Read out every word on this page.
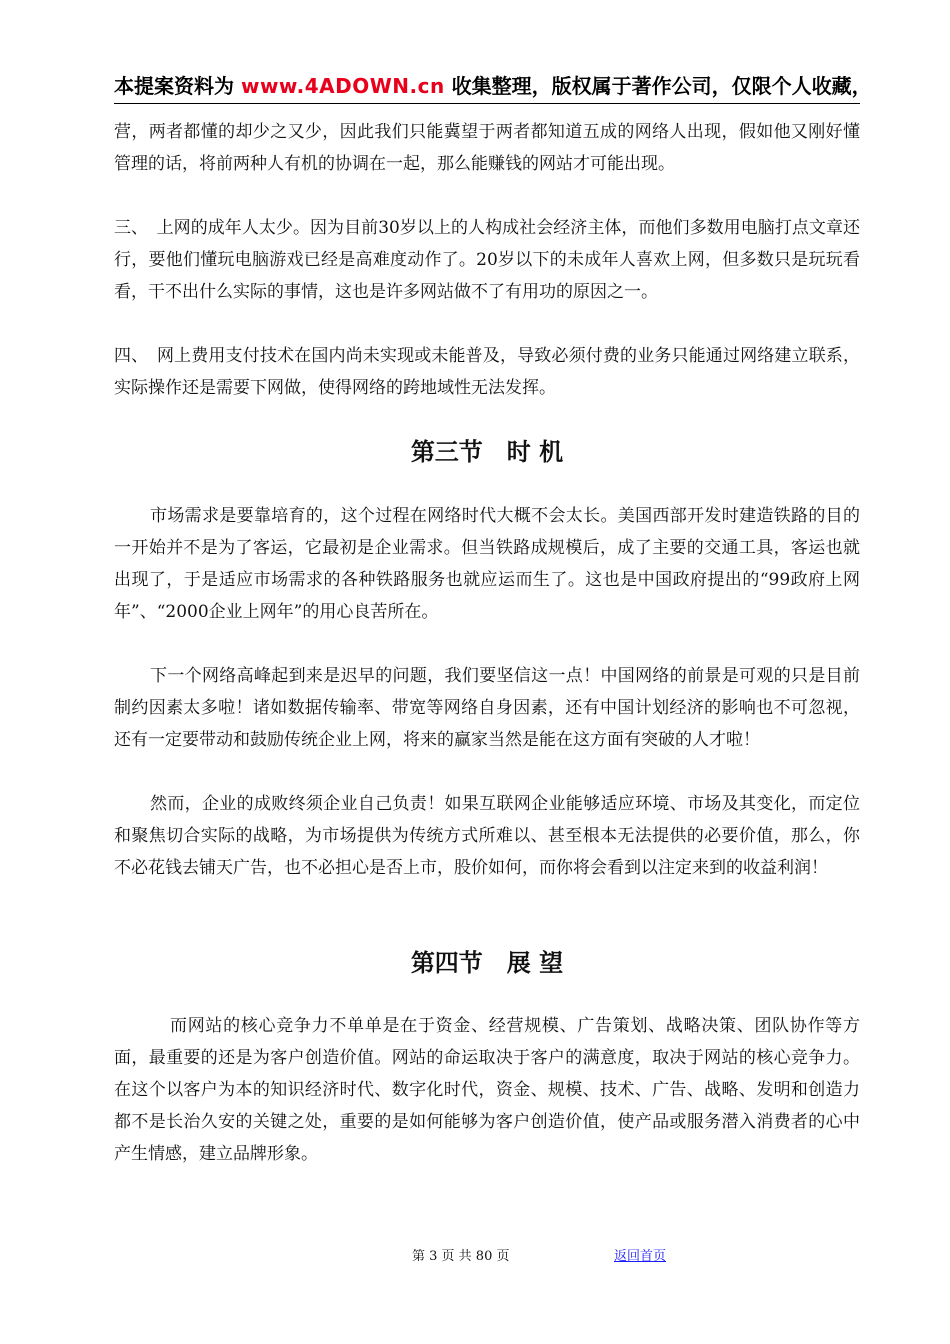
本提案资料为 www.4ADOWN.cn 收集整理，版权属于著作公司，仅限个人收藏，
营，两者都懂的却少之又少，因此我们只能冀望于两者都知道五成的网络人出现，假如他又刚好懂管理的话，将前两种人有机的协调在一起，那么能赚钱的网站才可能出现。
三、　上网的成年人太少。因为目前30岁以上的人构成社会经济主体，而他们多数用电脑打点文章还行，要他们懂玩电脑游戏已经是高难度动作了。20岁以下的未成年人喜欢上网，但多数只是玩玩看看，干不出什么实际的事情，这也是许多网站做不了有用功的原因之一。
四、　网上费用支付技术在国内尚未实现或未能普及，导致必须付费的业务只能通过网络建立联系，实际操作还是需要下网做，使得网络的跨地域性无法发挥。
第三节　时 机
市场需求是要靠培育的，这个过程在网络时代大概不会太长。美国西部开发时建造铁路的目的一开始并不是为了客运，它最初是企业需求。但当铁路成规模后，成了主要的交通工具，客运也就出现了，于是适应市场需求的各种铁路服务也就应运而生了。这也是中国政府提出的“99政府上网年”、“2000企业上网年”的用心良苦所在。
下一个网络高峰起到来是迟早的问题，我们要坚信这一点！中国网络的前景是可观的只是目前制约因素太多啦！诸如数据传输率、带宽等网络自身因素，还有中国计划经济的影响也不可忽视，还有一定要带动和鼓励传统企业上网，将来的赢家当然是能在这方面有突破的人才啦！
然而，企业的成败终须企业自己负责！如果互联网企业能够适应环境、市场及其变化，而定位和聚焦切合实际的战略，为市场提供为传统方式所难以、甚至根本无法提供的必要价值，那么，你不必花钱去铺天广告，也不必担心是否上市，股价如何，而你将会看到以注定来到的收益利润！
第四节　展 望
而网站的核心竞争力不单单是在于资金、经营规模、广告策划、战略决策、团队协作等方面，最重要的还是为客户创造价值。网站的命运取决于客户的满意度，取决于网站的核心竞争力。在这个以客户为本的知识经济时代、数字化时代，资金、规模、技术、广告、战略、发明和创造力都不是长治久安的关键之处，重要的是如何能够为客户创造价值，使产品或服务潜入消费者的心中产生情感，建立品牌形象。
第 3 页 共 80 页	返回首页
